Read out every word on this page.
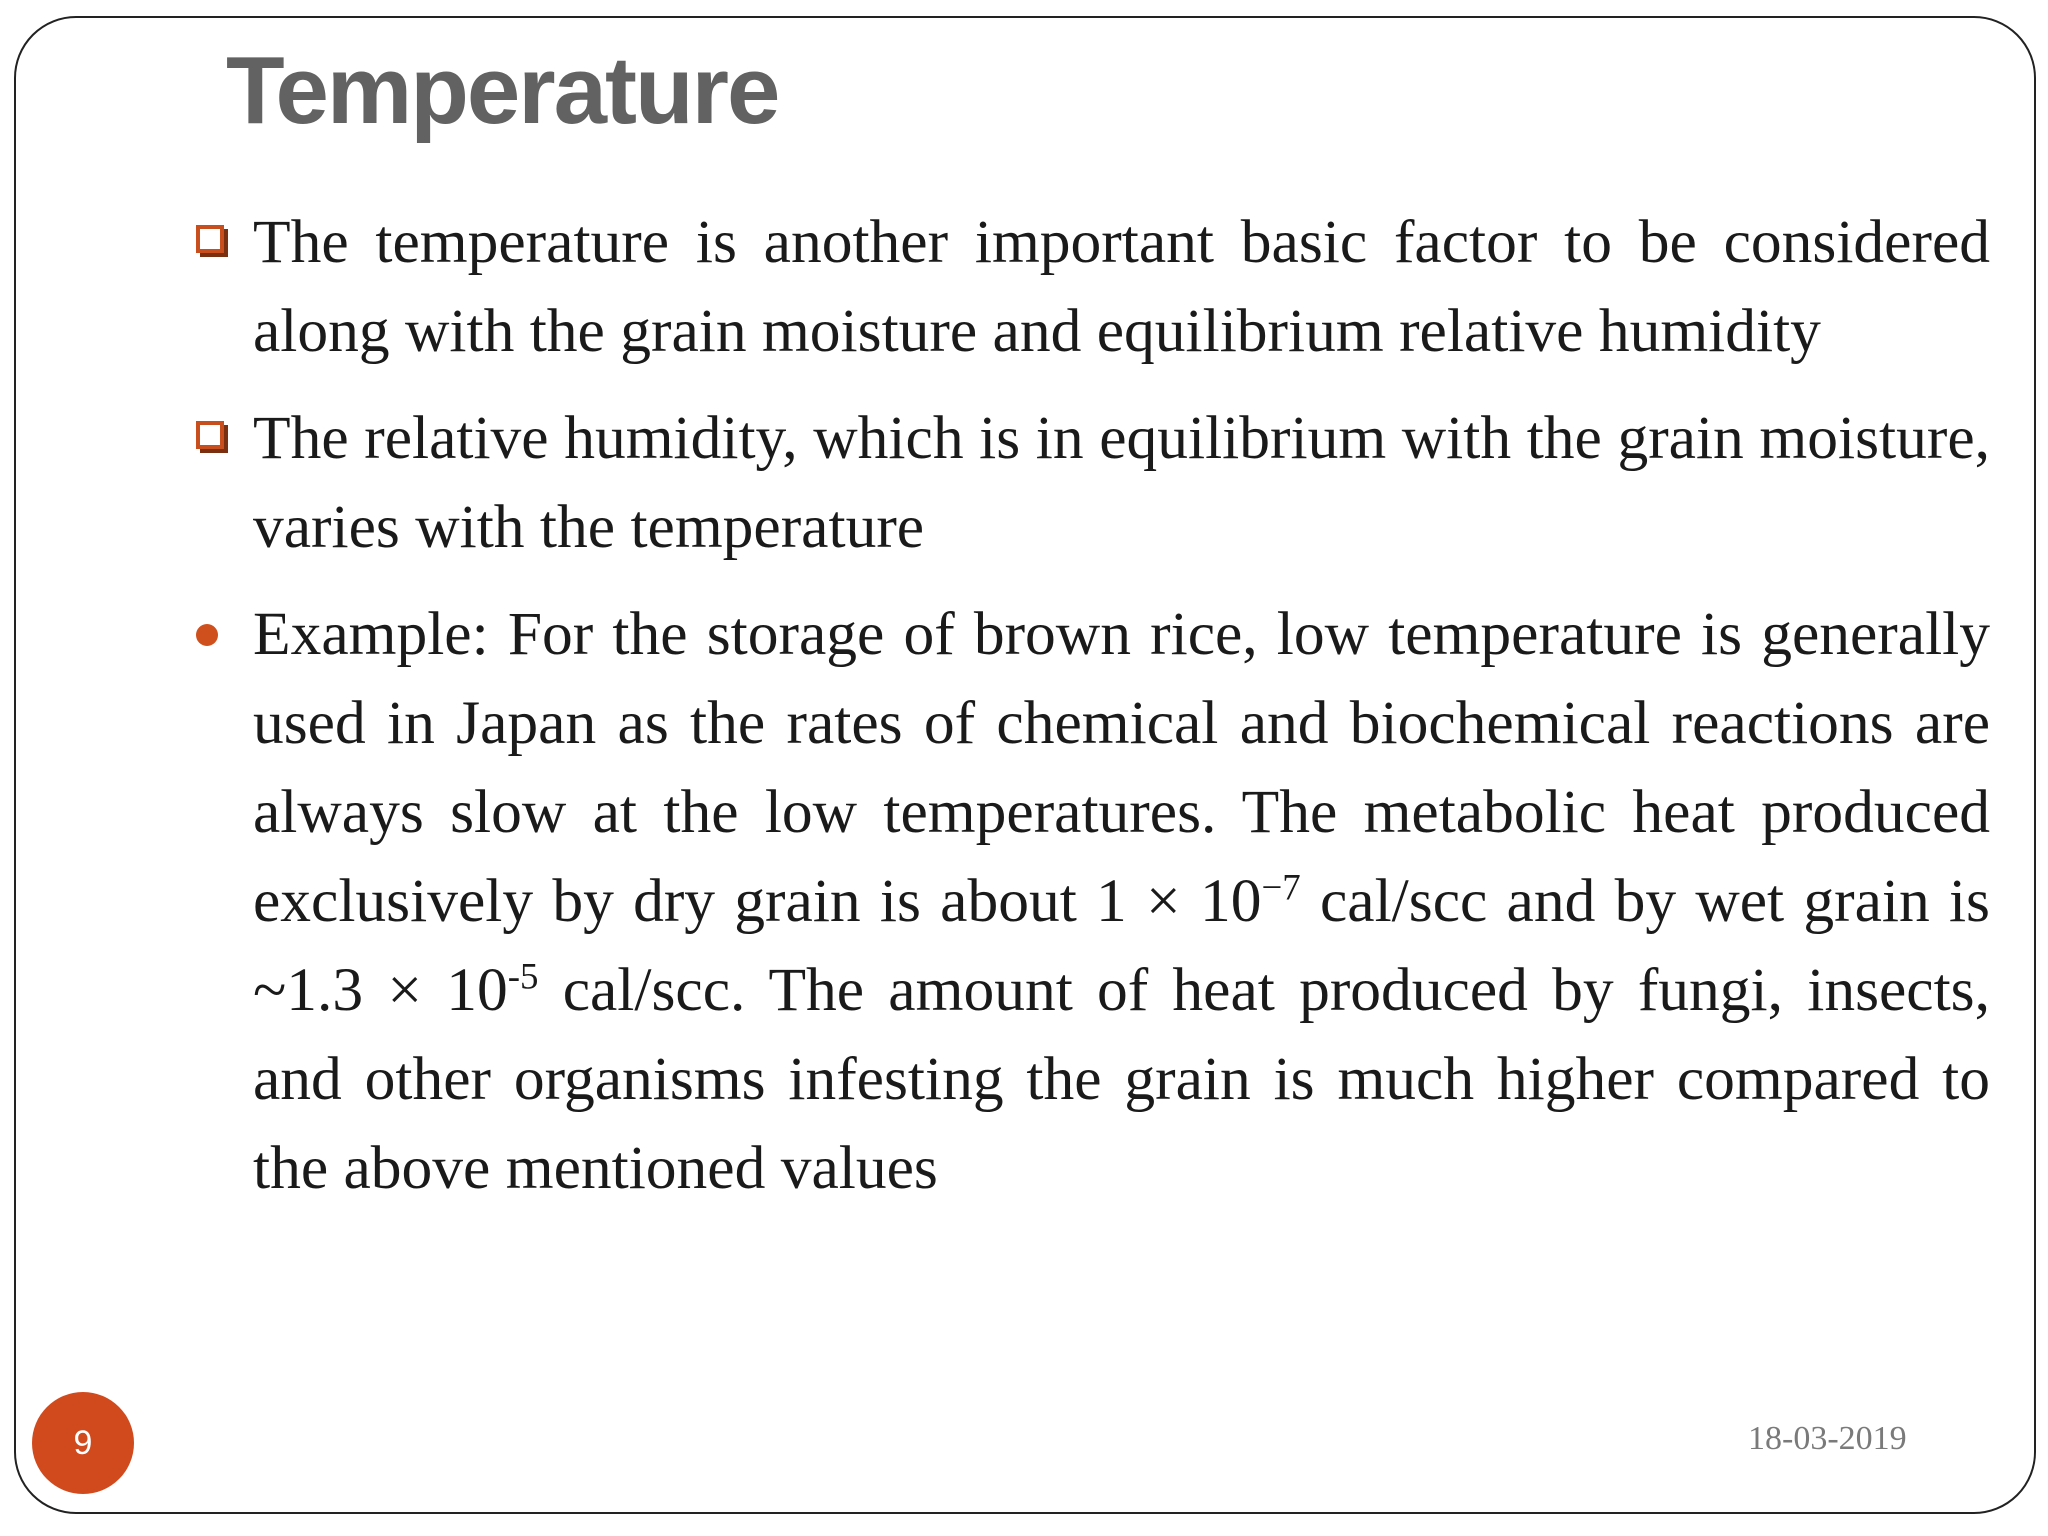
Temperature
The temperature is another important basic factor to be considered along with the grain moisture and equilibrium relative humidity
The relative humidity, which is in equilibrium with the grain moisture, varies with the temperature
Example: For the storage of brown rice, low temperature is generally used in Japan as the rates of chemical and biochemical reactions are always slow at the low temperatures. The metabolic heat produced exclusively by dry grain is about $1 \times 10^{-7}$ cal/scc and by wet grain is ~1.3 × $10^{-5}$ cal/scc. The amount of heat produced by fungi, insects, and other organisms infesting the grain is much higher compared to the above mentioned values
9	18-03-2019
